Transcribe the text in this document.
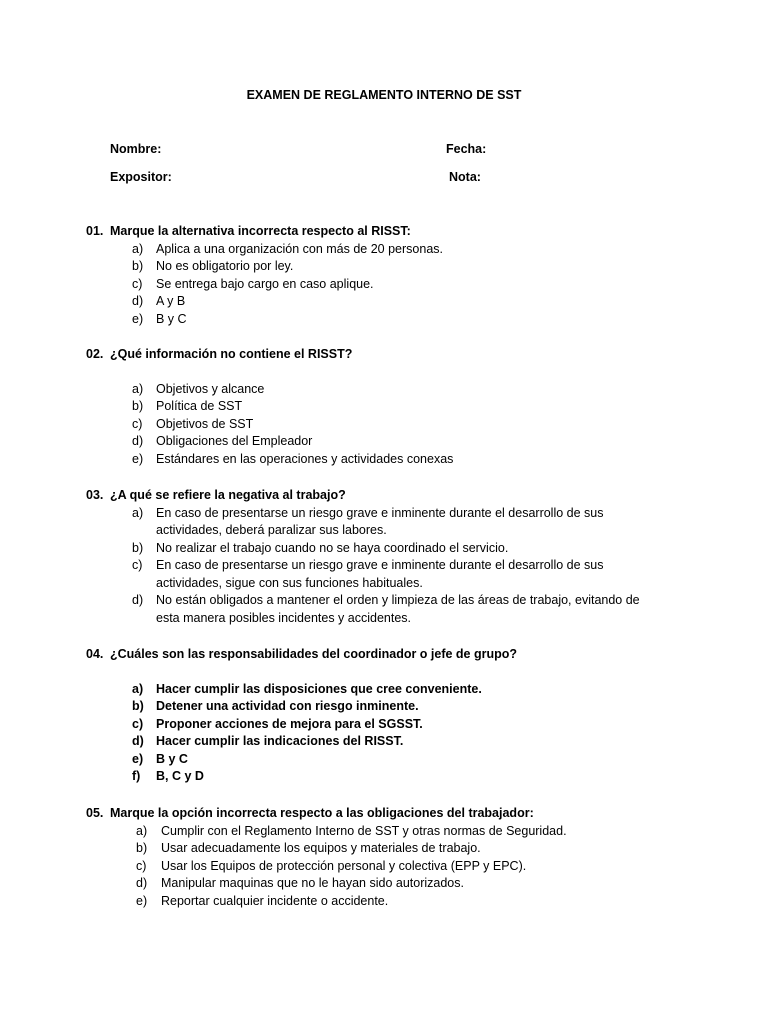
EXAMEN DE REGLAMENTO INTERNO DE SST
Nombre:	Fecha:
Expositor:	Nota:
01. Marque la alternativa incorrecta respecto al RISST:
a)	Aplica a una organización con más de 20 personas.
b)	No es obligatorio por ley.
c)	Se entrega bajo cargo en caso aplique.
d)	A y B
e)	B y C
02. ¿Qué información no contiene el RISST?
a)	Objetivos y alcance
b)	Política de SST
c)	Objetivos de SST
d)	Obligaciones del Empleador
e)	Estándares en las operaciones y actividades conexas
03. ¿A qué se refiere la negativa al trabajo?
a)	En caso de presentarse un riesgo grave e inminente durante el desarrollo de sus actividades, deberá paralizar sus labores.
b)	No realizar el trabajo cuando no se haya coordinado el servicio.
c)	En caso de presentarse un riesgo grave e inminente durante el desarrollo de sus actividades, sigue con sus funciones habituales.
d)	No están obligados a mantener el orden y limpieza de las áreas de trabajo, evitando de esta manera posibles incidentes y accidentes.
04. ¿Cuáles son las responsabilidades del coordinador o jefe de grupo?
a)	Hacer cumplir las disposiciones que cree conveniente.
b) Detener una actividad con riesgo inminente.
c)	Proponer acciones de mejora para el SGSST.
d) Hacer cumplir las indicaciones del RISST.
e)	B y C
f)	B, C y D
05. Marque la opción incorrecta respecto a las obligaciones del trabajador:
a)	Cumplir con el Reglamento Interno de SST y otras normas de Seguridad.
b)	Usar adecuadamente los equipos y materiales de trabajo.
c)	Usar los Equipos de protección personal y colectiva (EPP y EPC).
d)	Manipular maquinas que no le hayan sido autorizados.
e)	Reportar cualquier incidente o accidente.
